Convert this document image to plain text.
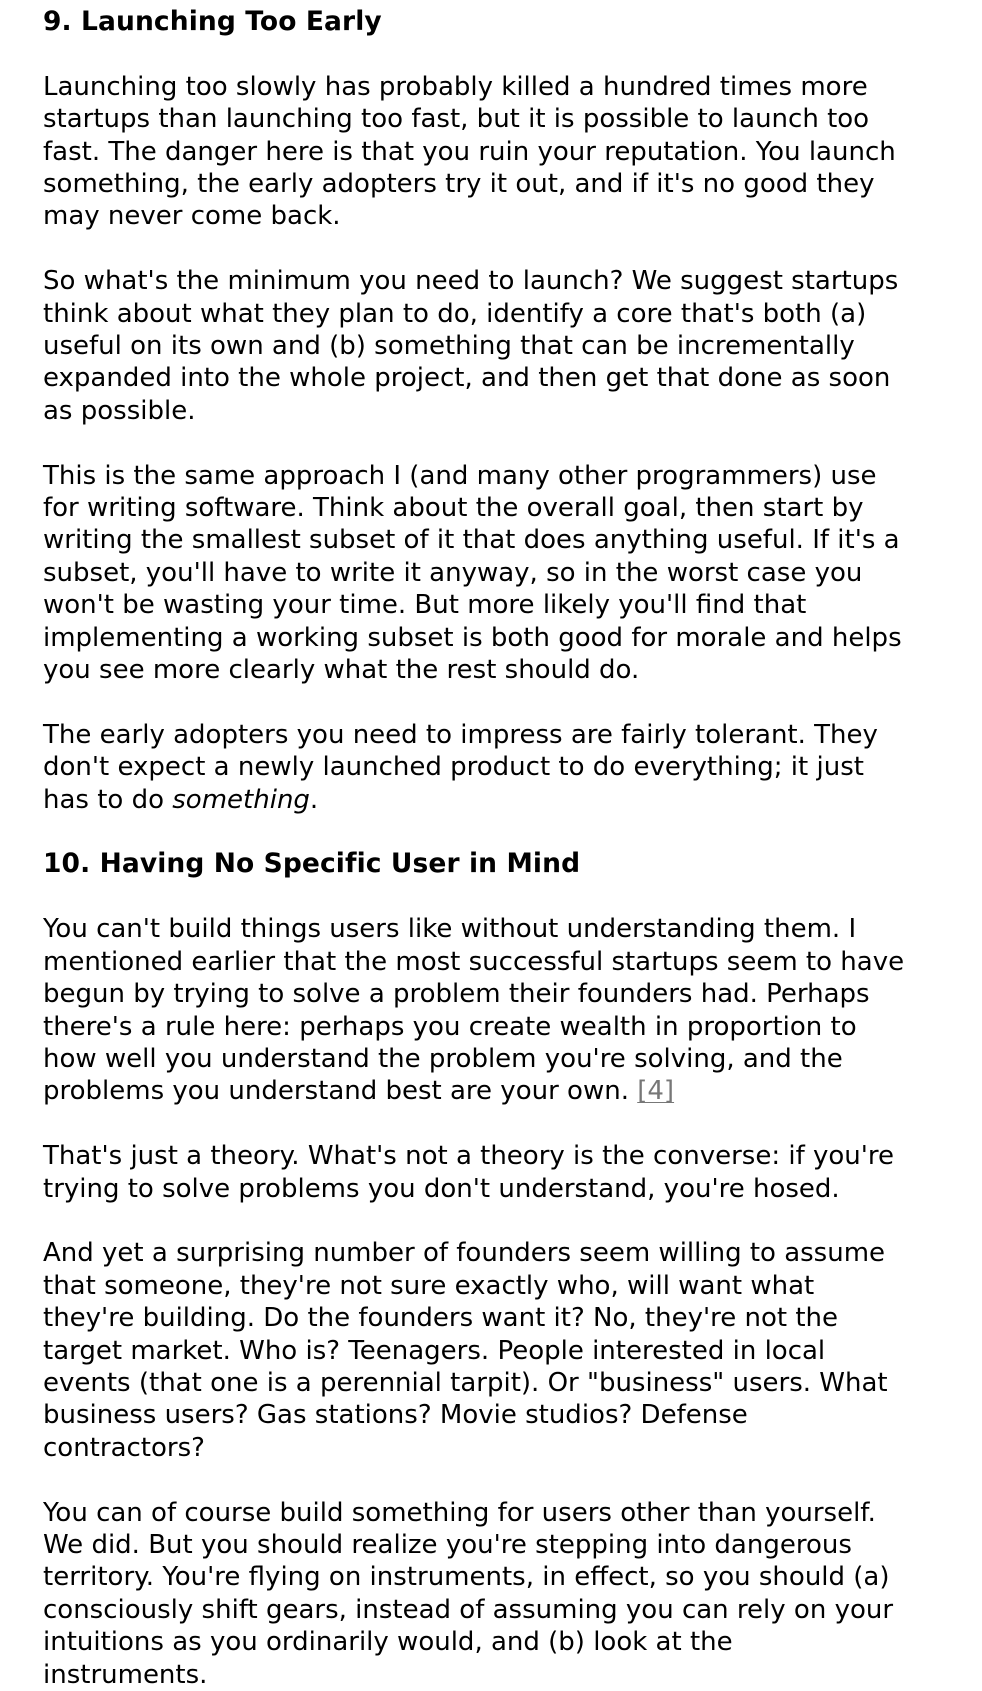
9. Launching Too Early
Launching too slowly has probably killed a hundred times more
startups than launching too fast, but it is possible to launch too
fast. The danger here is that you ruin your reputation. You launch
something, the early adopters try it out, and if it's no good they
may never come back.
So what's the minimum you need to launch? We suggest startups
think about what they plan to do, identify a core that's both (a)
useful on its own and (b) something that can be incrementally
expanded into the whole project, and then get that done as soon
as possible.
This is the same approach I (and many other programmers) use
for writing software. Think about the overall goal, then start by
writing the smallest subset of it that does anything useful. If it's a
subset, you'll have to write it anyway, so in the worst case you
won't be wasting your time. But more likely you'll find that
implementing a working subset is both good for morale and helps
you see more clearly what the rest should do.
The early adopters you need to impress are fairly tolerant. They
don't expect a newly launched product to do everything; it just
has to do something.
10. Having No Specific User in Mind
You can't build things users like without understanding them. I
mentioned earlier that the most successful startups seem to have
begun by trying to solve a problem their founders had. Perhaps
there's a rule here: perhaps you create wealth in proportion to
how well you understand the problem you're solving, and the
problems you understand best are your own. [4]
That's just a theory. What's not a theory is the converse: if you're
trying to solve problems you don't understand, you're hosed.
And yet a surprising number of founders seem willing to assume
that someone, they're not sure exactly who, will want what
they're building. Do the founders want it? No, they're not the
target market. Who is? Teenagers. People interested in local
events (that one is a perennial tarpit). Or "business" users. What
business users? Gas stations? Movie studios? Defense
contractors?
You can of course build something for users other than yourself.
We did. But you should realize you're stepping into dangerous
territory. You're flying on instruments, in effect, so you should (a)
consciously shift gears, instead of assuming you can rely on your
intuitions as you ordinarily would, and (b) look at the
instruments.
